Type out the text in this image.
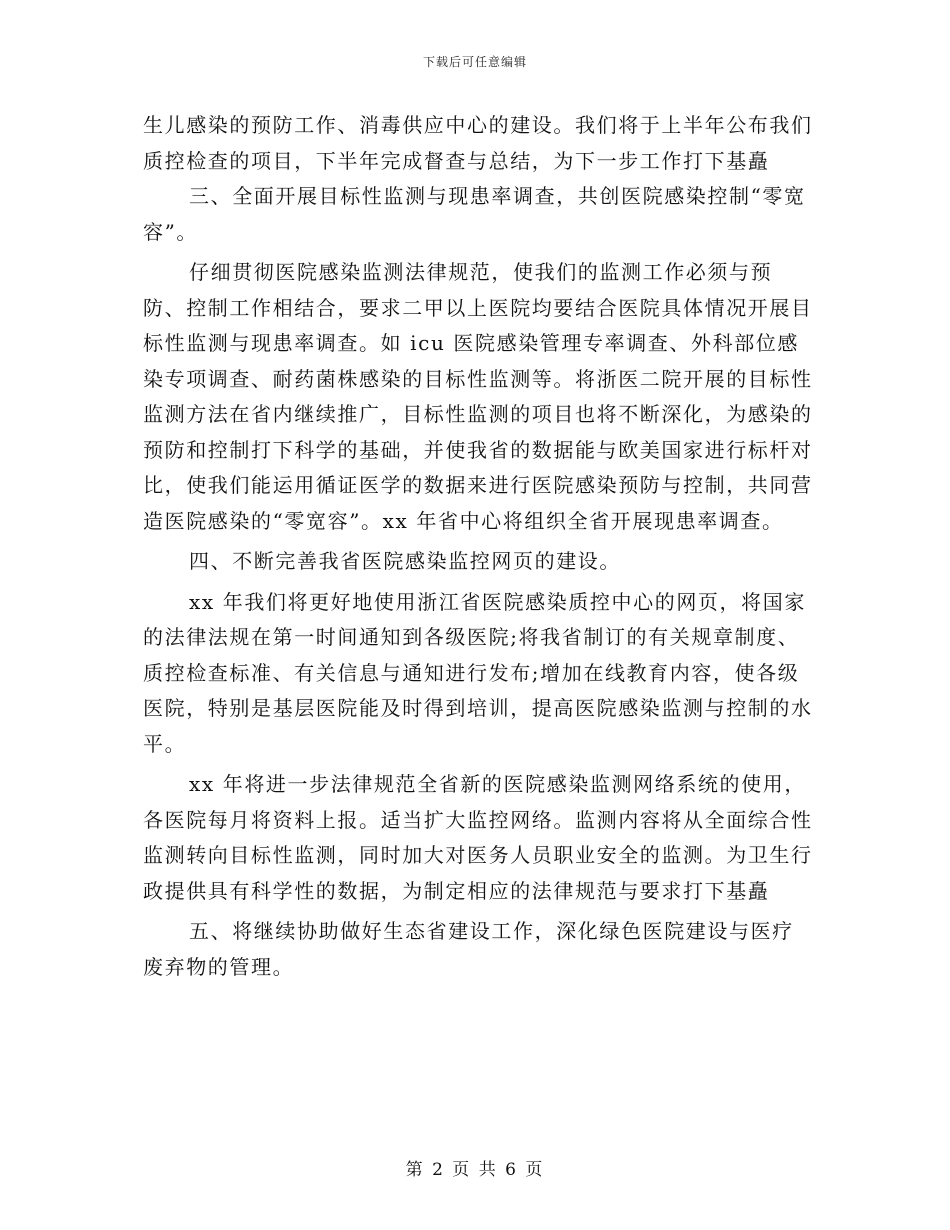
下载后可任意编辑

生儿感染的预防工作、消毒供应中心的建设。我们将于上半年公布我们质控检查的项目，下半年完成督查与总结，为下一步工作打下基矗

三、全面开展目标性监测与现患率调查，共创医院感染控制“零宽容”。

仔细贯彻医院感染监测法律规范，使我们的监测工作必须与预防、控制工作相结合，要求二甲以上医院均要结合医院具体情况开展目标性监测与现患率调查。如 icu 医院感染管理专率调查、外科部位感染专项调查、耐药菌株感染的目标性监测等。将浙医二院开展的目标性监测方法在省内继续推广，目标性监测的项目也将不断深化，为感染的预防和控制打下科学的基础，并使我省的数据能与欧美国家进行标杆对比，使我们能运用循证医学的数据来进行医院感染预防与控制，共同营造医院感染的“零宽容”。xx 年省中心将组织全省开展现患率调查。

四、不断完善我省医院感染监控网页的建设。

xx 年我们将更好地使用浙江省医院感染质控中心的网页，将国家的法律法规在第一时间通知到各级医院;将我省制订的有关规章制度、质控检查标准、有关信息与通知进行发布;增加在线教育内容，使各级医院，特别是基层医院能及时得到培训，提高医院感染监测与控制的水平。

xx 年将进一步法律规范全省新的医院感染监测网络系统的使用，各医院每月将资料上报。适当扩大监控网络。监测内容将从全面综合性监测转向目标性监测，同时加大对医务人员职业安全的监测。为卫生行政提供具有科学性的数据，为制定相应的法律规范与要求打下基矗

五、将继续协助做好生态省建设工作，深化绿色医院建设与医疗废弃物的管理。

第 2 页 共 6 页
